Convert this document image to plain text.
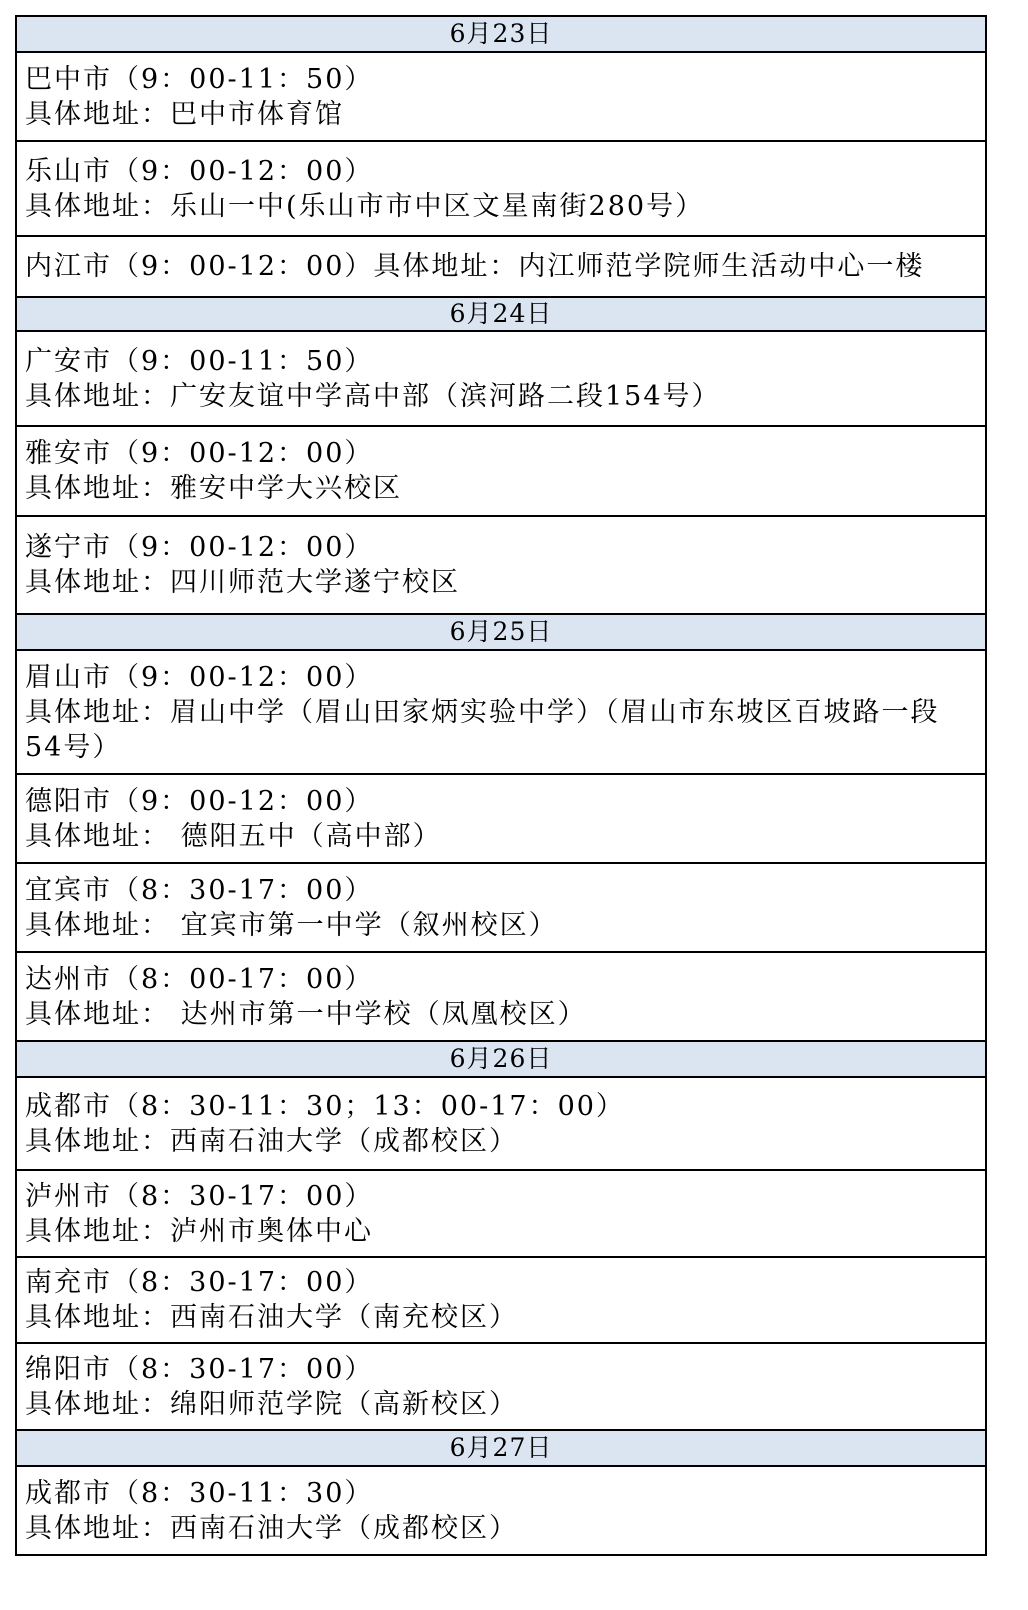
6月23日

巴中市（9：00-11：50）
具体地址：巴中市体育馆

乐山市（9：00-12：00）
具体地址：乐山一中(乐山市市中区文星南街280号）

内江市（9：00-12：00）具体地址：内江师范学院师生活动中心一楼

6月24日

广安市（9：00-11：50）
具体地址：广安友谊中学高中部（滨河路二段154号）

雅安市（9：00-12：00）
具体地址：雅安中学大兴校区

遂宁市（9：00-12：00）
具体地址：四川师范大学遂宁校区

6月25日

眉山市（9：00-12：00）
具体地址：眉山中学（眉山田家炳实验中学）（眉山市东坡区百坡路一段54号）

德阳市（9：00-12：00）
具体地址： 德阳五中（高中部）

宜宾市（8：30-17：00）
具体地址： 宜宾市第一中学（叙州校区）

达州市（8：00-17：00）
具体地址： 达州市第一中学校（凤凰校区）

6月26日

成都市（8：30-11：30；13：00-17：00）
具体地址：西南石油大学（成都校区）

泸州市（8：30-17：00）
具体地址：泸州市奥体中心

南充市（8：30-17：00）
具体地址：西南石油大学（南充校区）

绵阳市（8：30-17：00）
具体地址：绵阳师范学院（高新校区）

6月27日

成都市（8：30-11：30）
具体地址：西南石油大学（成都校区）
